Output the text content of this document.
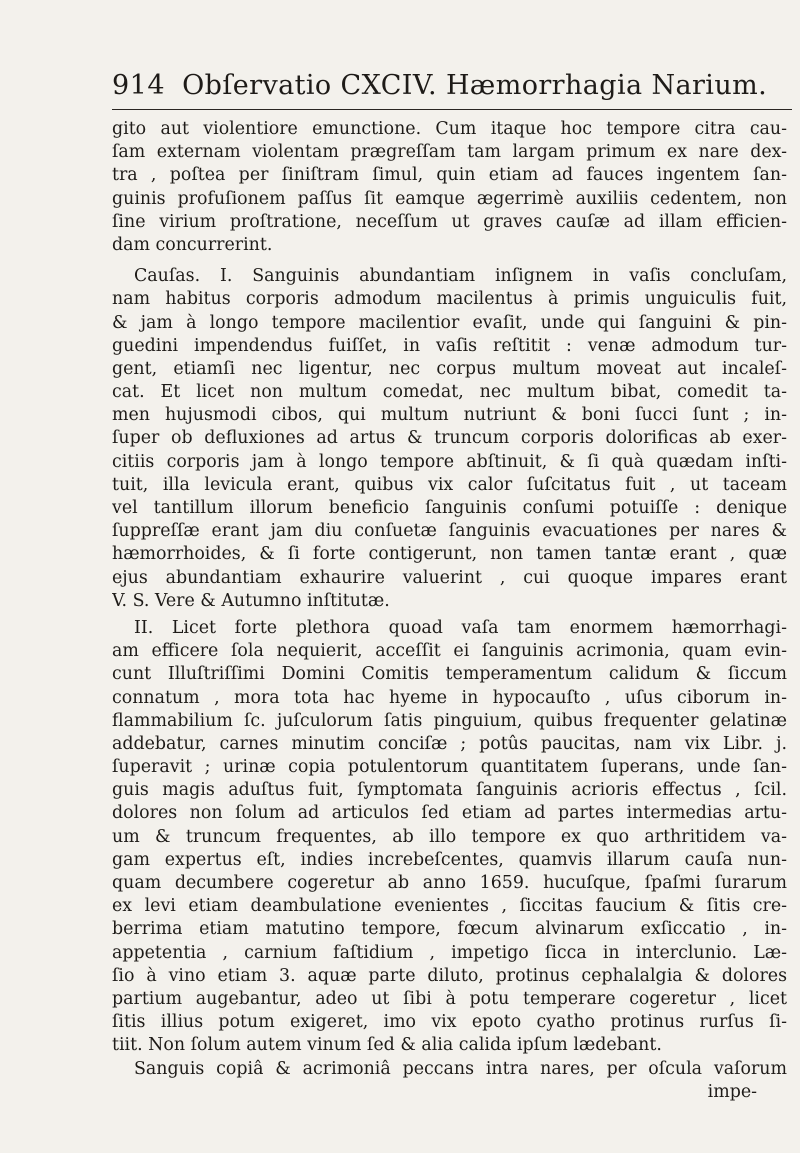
914 Obſervatio CXCIV. Hæmorrhagia Narium.
gito aut violentiore emunctione. Cum itaque hoc tempore citra cau-
ſam externam violentam prægreſſam tam largam primum ex nare dex-
tra , poſtea per ſiniſtram ſimul, quin etiam ad fauces ingentem ſan-
guinis profuſionem paſſus ſit eamque ægerrimè auxiliis cedentem, non
ſine virium proſtratione, neceſſum ut graves cauſæ ad illam efficien-
dam concurrerint.
Cauſas. I. Sanguinis abundantiam inſignem in vaſis concluſam,
nam habitus corporis admodum macilentus à primis unguiculis fuit,
& jam à longo tempore macilentior evaſit, unde qui ſanguini & pin-
guedini impendendus fuiſſet, in vaſis reſtitit : venæ admodum tur-
gent, etiamſi nec ligentur, nec corpus multum moveat aut incaleſ-
cat. Et licet non multum comedat, nec multum bibat, comedit ta-
men hujusmodi cibos, qui multum nutriunt & boni ſucci ſunt ; in-
ſuper ob defluxiones ad artus & truncum corporis dolorificas ab exer-
citiis corporis jam à longo tempore abſtinuit, & ſi quà quædam inſti-
tuit, illa levicula erant, quibus vix calor ſuſcitatus fuit , ut taceam
vel tantillum illorum beneficio ſanguinis conſumi potuiſſe : denique
ſuppreſſæ erant jam diu conſuetæ ſanguinis evacuationes per nares &
hæmorrhoides, & ſi forte contigerunt, non tamen tantæ erant , quæ
ejus abundantiam exhaurire valuerint , cui quoque impares erant
V. S. Vere & Autumno inſtitutæ.
II. Licet forte plethora quoad vaſa tam enormem hæmorrhagi-
am efficere ſola nequierit, acceſſit ei ſanguinis acrimonia, quam evin-
cunt Illuſtriſſimi Domini Comitis temperamentum calidum & ſiccum
connatum , mora tota hac hyeme in hypocauſto , uſus ciborum in-
flammabilium ſc. juſculorum ſatis pinguium, quibus frequenter gelatinæ
addebatur, carnes minutim conciſæ ; potûs paucitas, nam vix Libr. j.
ſuperavit ; urinæ copia potulentorum quantitatem ſuperans, unde ſan-
guis magis aduſtus fuit, ſymptomata ſanguinis acrioris effectus , ſcil.
dolores non ſolum ad articulos ſed etiam ad partes intermedias artu-
um & truncum frequentes, ab illo tempore ex quo arthritidem va-
gam expertus eſt, indies increbeſcentes, quamvis illarum cauſa nun-
quam decumbere cogeretur ab anno 1659. hucuſque, ſpaſmi ſurarum
ex levi etiam deambulatione evenientes , ſiccitas faucium & ſitis cre-
berrima etiam matutino tempore, fœcum alvinarum exſiccatio , in-
appetentia , carnium faſtidium , impetigo ſicca in interclunio. Læ-
ſio à vino etiam 3. aquæ parte diluto, protinus cephalalgia & dolores
partium augebantur, adeo ut ſibi à potu temperare cogeretur , licet
ſitis illius potum exigeret, imo vix epoto cyatho protinus rurſus ſi-
tiit. Non ſolum autem vinum ſed & alia calida ipſum lædebant.
Sanguis copiâ & acrimoniâ peccans intra nares, per oſcula vaſorum
impe-
